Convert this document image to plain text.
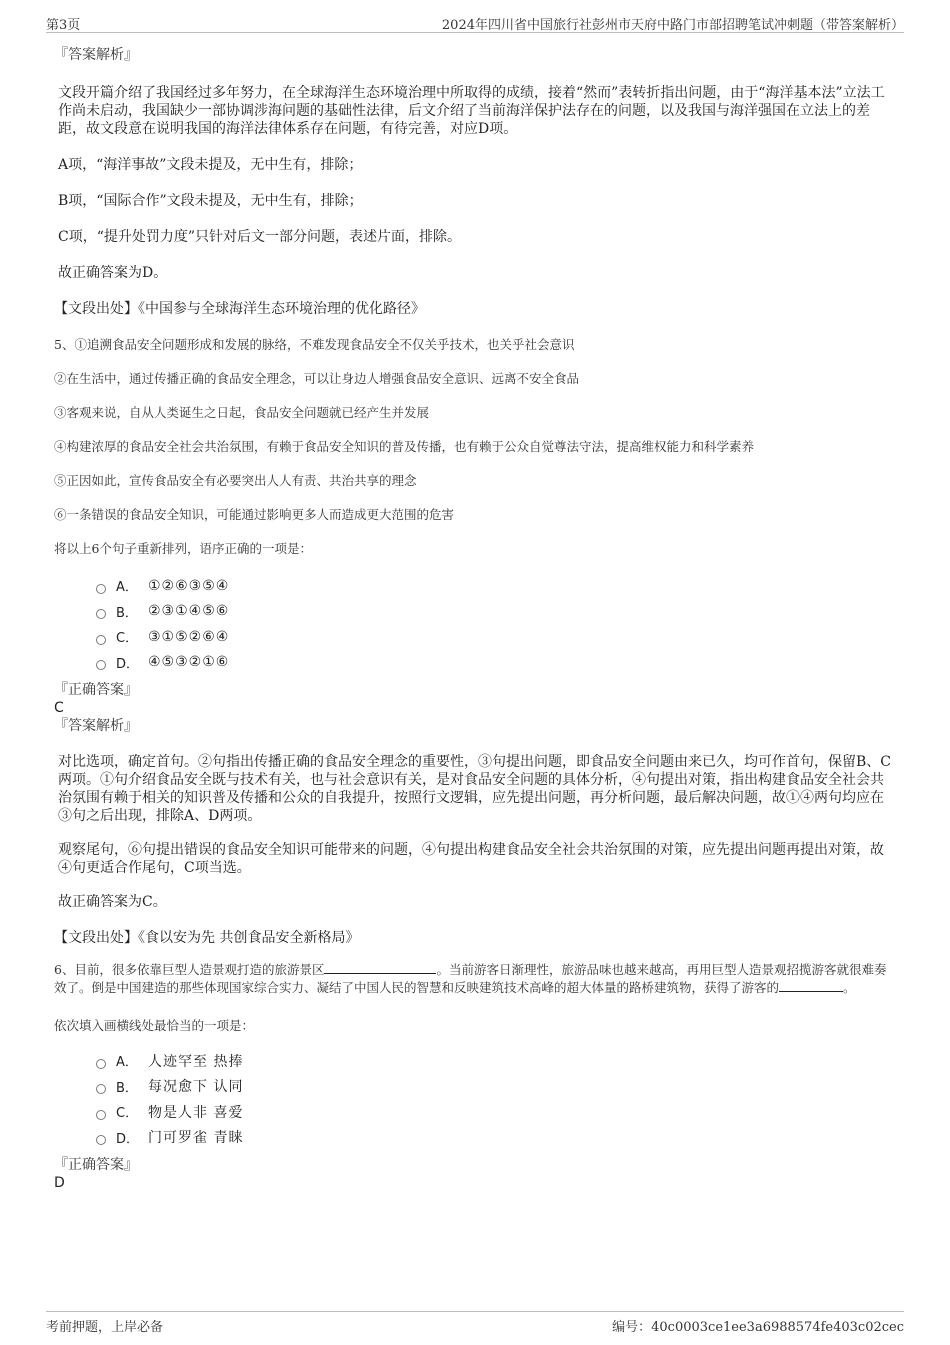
第3页	2024年四川省中国旅行社彭州市天府中路门市部招聘笔试冲刺题（带答案解析）
『答案解析』
文段开篇介绍了我国经过多年努力，在全球海洋生态环境治理中所取得的成绩，接着“然而”表转折指出问题，由于“海洋基本法”立法工作尚未启动，我国缺少一部协调涉海问题的基础性法律，后文介绍了当前海洋保护法存在的问题，以及我国与海洋强国在立法上的差距，故文段意在说明我国的海洋法律体系存在问题，有待完善，对应D项。
A项，“海洋事故”文段未提及，无中生有，排除；
B项，“国际合作”文段未提及，无中生有，排除；
C项，“提升处罚力度”只针对后文一部分问题，表述片面，排除。
故正确答案为D。
【文段出处】《中国参与全球海洋生态环境治理的优化路径》
5、①追溯食品安全问题形成和发展的脉络，不难发现食品安全不仅关乎技术，也关乎社会意识
②在生活中，通过传播正确的食品安全理念，可以让身边人增强食品安全意识、远离不安全食品
③客观来说，自从人类诞生之日起，食品安全问题就已经产生并发展
④构建浓厚的食品安全社会共治氛围，有赖于食品安全知识的普及传播，也有赖于公众自觉尊法守法，提高维权能力和科学素养
⑤正因如此，宣传食品安全有必要突出人人有责、共治共享的理念
⑥一条错误的食品安全知识，可能通过影响更多人而造成更大范围的危害
将以上6个句子重新排列，语序正确的一项是：
A． ①②⑥③⑤④
B． ②③①④⑤⑥
C． ③①⑤②⑥④
D． ④⑤③②①⑥
『正确答案』
C
『答案解析』
对比选项，确定首句。②句指出传播正确的食品安全理念的重要性，③句提出问题，即食品安全问题由来已久，均可作首句，保留B、C两项。①句介绍食品安全既与技术有关，也与社会意识有关，是对食品安全问题的具体分析，④句提出对策，指出构建食品安全社会共治氛围有赖于相关的知识普及传播和公众的自我提升，按照行文逻辑，应先提出问题，再分析问题，最后解决问题，故①④两句均应在③句之后出现，排除A、D两项。
观察尾句，⑥句提出错误的食品安全知识可能带来的问题，④句提出构建食品安全社会共治氛围的对策，应先提出问题再提出对策，故④句更适合作尾句，C项当选。
故正确答案为C。
【文段出处】《食以安为先 共创食品安全新格局》
6、目前，很多依靠巨型人造景观打造的旅游景区	。当前游客日渐理性，旅游品味也越来越高，再用巨型人造景观招揽游客就很难奏效了。倒是中国建造的那些体现国家综合实力、凝结了中国人民的智慧和反映建筑技术高峰的超大体量的路桥建筑物，获得了游客的	。
依次填入画横线处最恰当的一项是：
A． 人迹罕至 热捧
B． 每况愈下 认同
C． 物是人非 喜爱
D． 门可罗雀 青睐
『正确答案』
D
考前押题，上岸必备	编号：40c0003ce1ee3a6988574fe403c02cec
